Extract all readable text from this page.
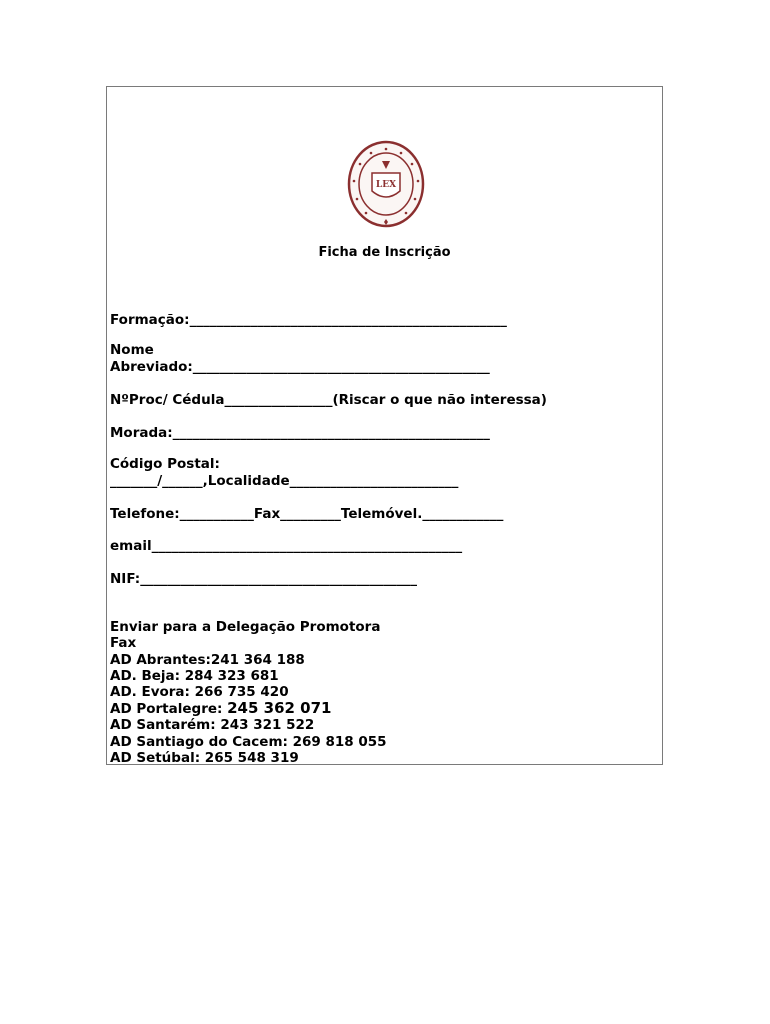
LEX
Ficha de Inscrição
Formação:_______________________________________________
Nome
Abreviado:____________________________________________
NºProc/ Cédula________________(Riscar o que não interessa)
Morada:_______________________________________________
Código Postal:
_______/______,Localidade_________________________
Telefone:___________Fax_________Telemóvel.____________
email______________________________________________
NIF:_________________________________________
Enviar para a Delegação Promotora
Fax
AD Abrantes:241 364 188
AD. Beja: 284 323 681
AD. Evora: 266 735 420
AD Portalegre: 245 362 071
AD Santarém: 243 321 522
AD Santiago do Cacem: 269 818 055
AD Setúbal: 265 548 319
